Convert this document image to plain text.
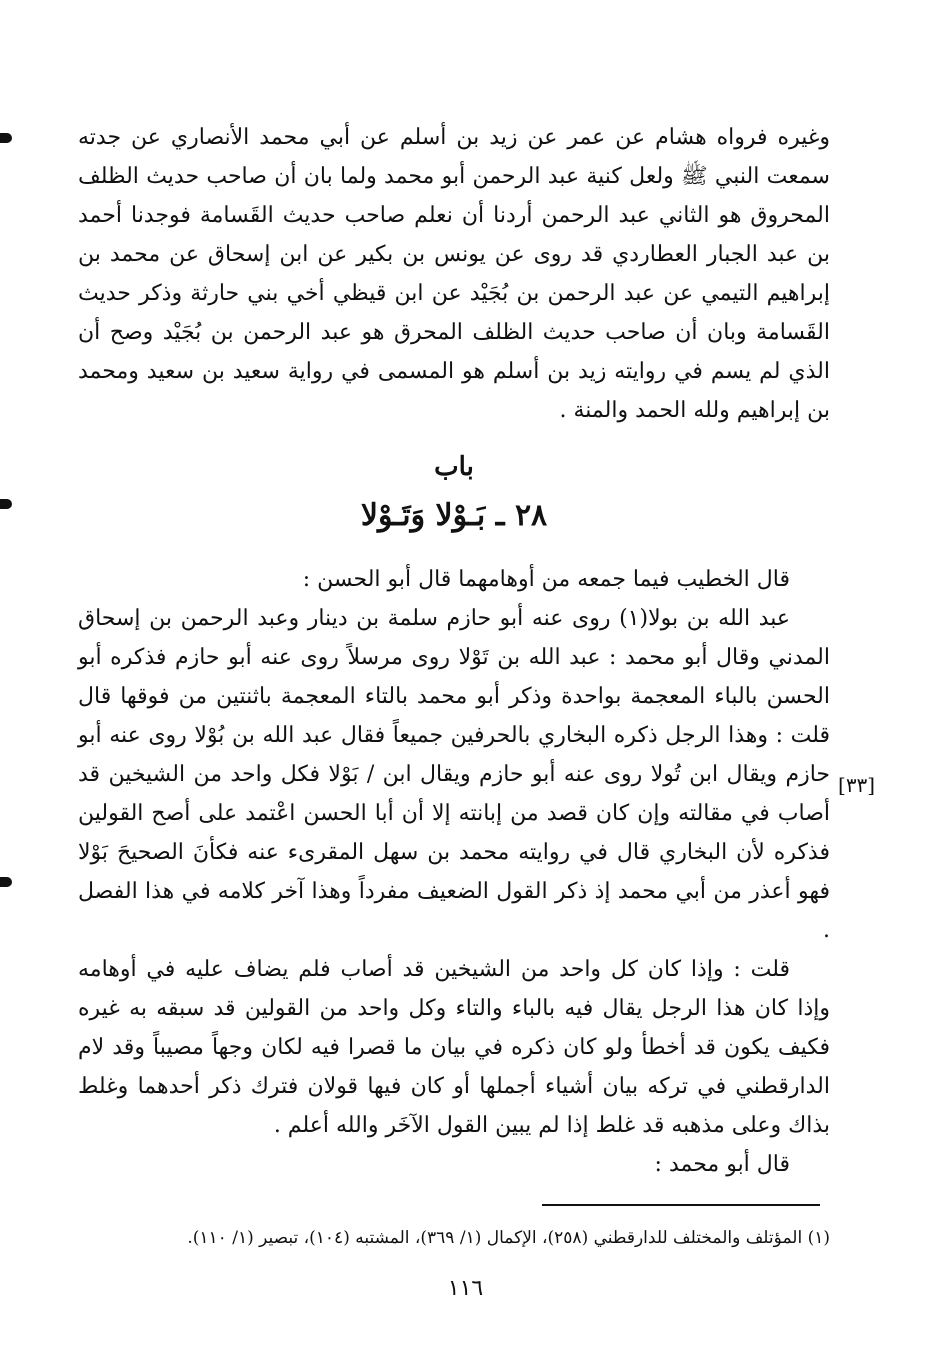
وغيره فرواه هشام عن عمر عن زيد بن أسلم عن أبي محمد الأنصاري عن جدته سمعت النبي ﷺ ولعل كنية عبد الرحمن أبو محمد ولما بان أن صاحب حديث الظلف المحروق هو الثاني عبد الرحمن أردنا أن نعلم صاحب حديث القَسامة فوجدنا أحمد بن عبد الجبار العطاردي قد روى عن يونس بن بكير عن ابن إسحاق عن محمد بن إبراهيم التيمي عن عبد الرحمن بن بُجَيْد عن ابن قيظي أخي بني حارثة وذكر حديث القَسامة وبان أن صاحب حديث الظلف المحرق هو عبد الرحمن بن بُجَيْد وصح أن الذي لم يسم في روايته زيد بن أسلم هو المسمى في رواية سعيد بن سعيد ومحمد بن إبراهيم ولله الحمد والمنة .

باب
٢٨ ـ بَـوْلا وَتَـوْلا

قال الخطيب فيما جمعه من أوهامهما قال أبو الحسن :

عبد الله بن بولا(١) روى عنه أبو حازم سلمة بن دينار وعبد الرحمن بن إسحاق المدني وقال أبو محمد : عبد الله بن تَوْلا روى مرسلاً روى عنه أبو حازم فذكره أبو الحسن بالباء المعجمة بواحدة وذكر أبو محمد بالتاء المعجمة باثنتين من فوقها قال قلت : وهذا الرجل ذكره البخاري بالحرفين جميعاً فقال عبد الله بن بُوْلا روى عنه أبو حازم ويقال ابن تُولا روى عنه أبو حازم ويقال ابن / بَوْلا فكل واحد من الشيخين قد أصاب في مقالته وإن كان قصد من إبانته إلا أن أبا الحسن اعْتمد على أصح القولين فذكره لأن البخاري قال في روايته محمد بن سهل المقرىء عنه فكأنَ الصحيحَ بَوْلا فهو أعذر من أبي محمد إذ ذكر القول الضعيف مفرداً وهذا آخر كلامه في هذا الفصل .

قلت : وإذا كان كل واحد من الشيخين قد أصاب فلم يضاف عليه في أوهامه وإذا كان هذا الرجل يقال فيه بالباء والتاء وكل واحد من القولين قد سبقه به غيره فكيف يكون قد أخطأ ولو كان ذكره في بيان ما قصرا فيه لكان وجهاً مصيباً وقد لام الدارقطني في تركه بيان أشياء أجملها أو كان فيها قولان فترك ذكر أحدهما وغلط بذاك وعلى مذهبه قد غلط إذا لم يبين القول الآخَر والله أعلم .

قال أبو محمد :

[٣٣]
(١) المؤتلف والمختلف للدارقطني (٢٥٨)، الإكمال (١/ ٣٦٩)، المشتبه (١٠٤)، تبصير (١/ ١١٠).
١١٦
